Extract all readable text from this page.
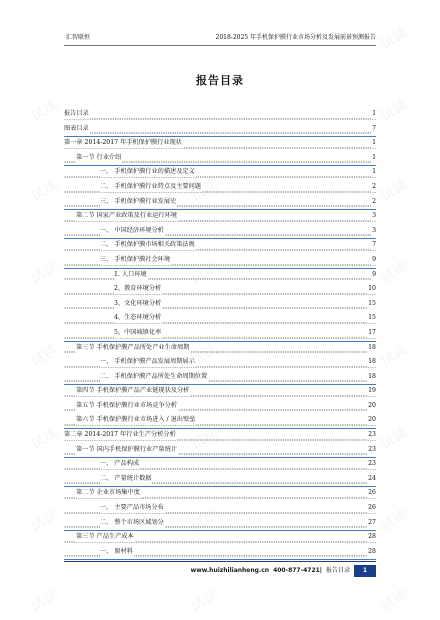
汇智联恒	2018-2025 年手机保护膜行业市场分析及发展前景预测报告
报告目录
报告目录	1
图表目录	7
第一章 2014-2017 年手机保护膜行业现状	1
第一节 行业介绍	1
一、 手机保护膜行业的描述及定义	1
二、 手机保护膜行业特点及主要问题	2
三、 手机保护膜行业发展史	2
第二节 国家产业政策及行业运行环境	3
一、 中国经济环境分析	3
二、 手机保护膜市场相关政策法规	7
三、 手机保护膜社会环境	9
1. 人口环境	9
2、教育环境分析	10
3、文化环境分析	15
4、生态环境分析	15
5、中国城镇化率	17
第三节 手机保护膜产品所处产业生命周期	18
一、 手机保护膜产品发展周期展示	18
二、 手机保护膜产品所处生命周期位置	18
第四节 手机保护膜产品产业链现状及分析	19
第五节 手机保护膜行业市场竞争分析	20
第六节 手机保护膜行业市场进入 / 退出壁垒	20
第二章 2014-2017 年行业生产分析分析	23
第一节 国内手机保护膜行业产量统计	23
一、 产品构成	23
二、 产量统计数据	24
第二节 企业市场集中度	26
一、 主要产品市场分布	26
二、 整个市场区域划分	27
第三节 产品生产成本	28
一、 原材料	28
www.huizhilianheng.cn 400-877-4721| 报告目录	1
试读
试读	试读
试读	试读	试读
试读	试读	试读
试读	试读	试读
试读	试读	试读
试读	试读	试读
试读	试读	试读
